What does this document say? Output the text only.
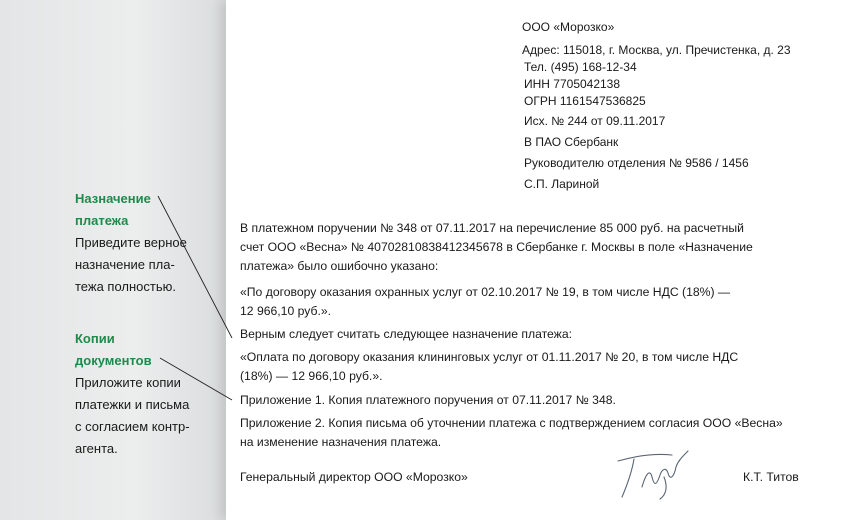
Назначение
платежа
Приведите верное
назначение пла-
тежа полностью.
Копии
документов
Приложите копии
платежки и письма
с согласием контр-
агента.
ООО «Морозко»
Адрес: 115018, г. Москва, ул. Пречистенка, д. 23
Тел. (495) 168-12-34
ИНН 7705042138
ОГРН 1161547536825
Исх. № 244 от 09.11.2017
В ПАО Сбербанк
Руководителю отделения № 9586 / 1456
С.П. Лариной

В платежном поручении № 348 от 07.11.2017 на перечисление 85 000 руб. на расчетный

счет ООО «Весна» № 40702810838412345678 в Сбербанке г. Москвы в поле «Назначение

платежа» было ошибочно указано:

«По договору оказания охранных услуг от 02.10.2017 № 19, в том числе НДС (18%) —

12 966,10 руб.».

Верным следует считать следующее назначение платежа:

«Оплата по договору оказания клининговых услуг от 01.11.2017 № 20, в том числе НДС

(18%) — 12 966,10 руб.».

Приложение 1. Копия платежного поручения от 07.11.2017 № 348.

Приложение 2. Копия письма об уточнении платежа с подтверждением согласия ООО «Весна»

на изменение назначения платежа.

Генеральный директор ООО «Морозко»	К.Т. Титов
